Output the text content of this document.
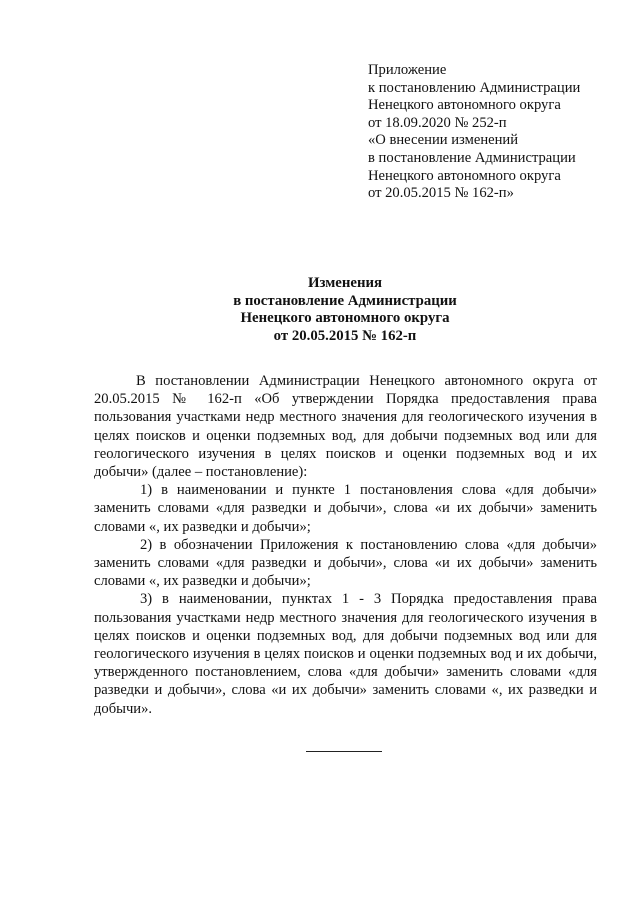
Приложение
к постановлению Администрации
Ненецкого автономного округа
от 18.09.2020 № 252-п
«О внесении изменений
в постановление Администрации
Ненецкого автономного округа
от 20.05.2015 № 162-п»
Изменения
в постановление Администрации
Ненецкого автономного округа
от 20.05.2015 № 162-п

В постановлении Администрации Ненецкого автономного округа от 20.05.2015 № 162-п «Об утверждении Порядка предоставления права пользования участками недр местного значения для геологического изучения в целях поисков и оценки подземных вод, для добычи подземных вод или для геологического изучения в целях поисков и оценки подземных вод и их добычи» (далее – постановление):

1) в наименовании и пункте 1 постановления слова «для добычи» заменить словами «для разведки и добычи», слова «и их добычи» заменить словами «, их разведки и добычи»;

2) в обозначении Приложения к постановлению слова «для добычи» заменить словами «для разведки и добычи», слова «и их добычи» заменить словами «, их разведки и добычи»;

3) в наименовании, пунктах 1 - 3 Порядка предоставления права пользования участками недр местного значения для геологического изучения в целях поисков и оценки подземных вод, для добычи подземных вод или для геологического изучения в целях поисков и оценки подземных вод и их добычи, утвержденного постановлением, слова «для добычи» заменить словами «для разведки и добычи», слова «и их добычи» заменить словами «, их разведки и добычи».
